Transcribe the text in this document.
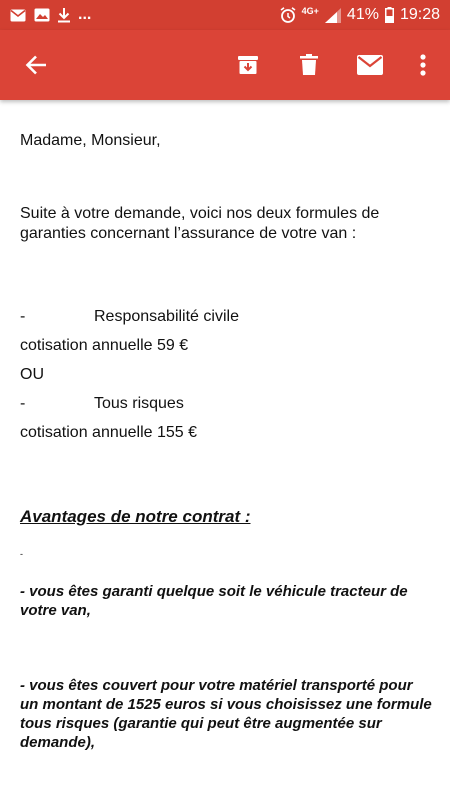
...	4G+ 41% 19:28

Madame, Monsieur,

Suite à votre demande, voici nos deux formules de garanties concernant l’assurance de votre van :

-	Responsabilité civile

cotisation annuelle 59 €

OU

-	Tous risques

cotisation annuelle 155 €

Avantages de notre contrat :

-

- vous êtes garanti quelque soit le véhicule tracteur de votre van,

- vous êtes couvert pour votre matériel transporté pour un montant de 1525 euros si vous choisissez une formule tous risques (garantie qui peut être augmentée sur demande),
